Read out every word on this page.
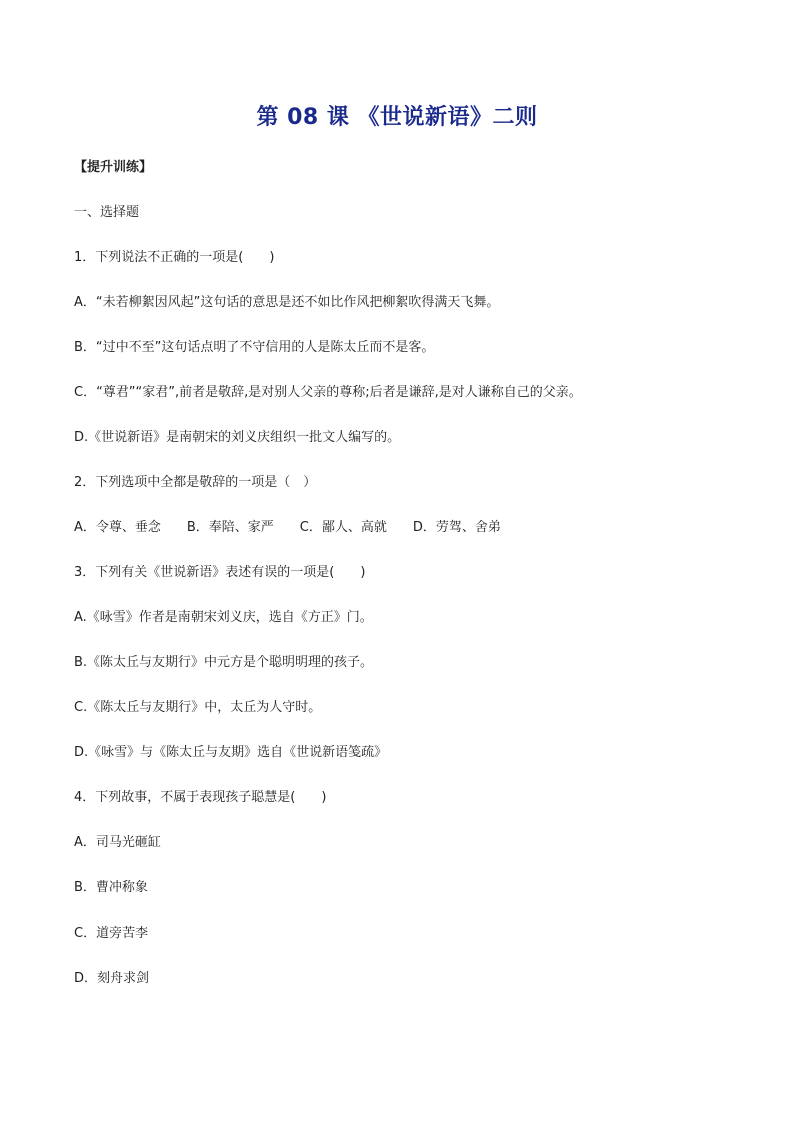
第 08 课 《世说新语》二则
【提升训练】
一、选择题
1．下列说法不正确的一项是(　　)
A．“未若柳絮因风起”这句话的意思是还不如比作风把柳絮吹得满天飞舞。
B．“过中不至”这句话点明了不守信用的人是陈太丘而不是客。
C．“尊君”“家君”,前者是敬辞,是对别人父亲的尊称;后者是谦辞,是对人谦称自己的父亲。
D.《世说新语》是南朝宋的刘义庆组织一批文人编写的。
2．下列选项中全都是敬辞的一项是（　）
A．令尊、垂念　　B．奉陪、家严　　C．鄙人、高就　　D．劳驾、舍弟
3．下列有关《世说新语》表述有误的一项是(　　)
A.《咏雪》作者是南朝宋刘义庆，选自《方正》门。
B.《陈太丘与友期行》中元方是个聪明明理的孩子。
C.《陈太丘与友期行》中，太丘为人守时。
D.《咏雪》与《陈太丘与友期》选自《世说新语笺疏》
4．下列故事，不属于表现孩子聪慧是(　　)
A．司马光砸缸
B．曹冲称象
C．道旁苦李
D．刻舟求剑
